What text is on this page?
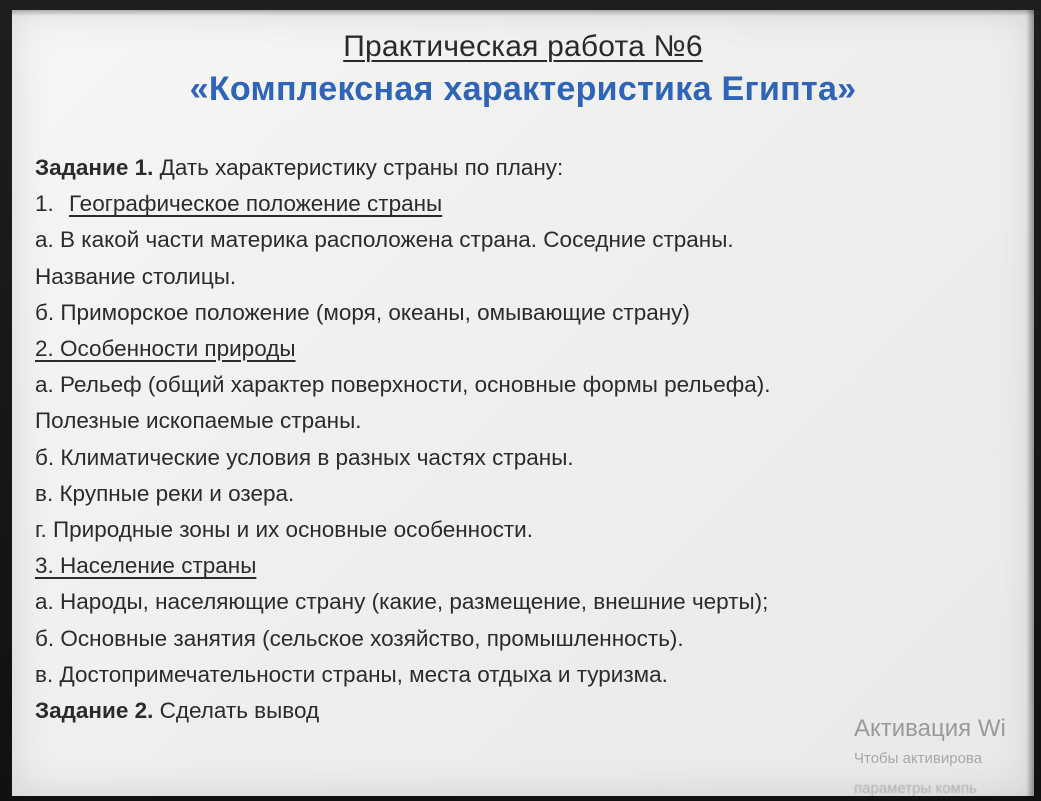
Практическая работа №6
«Комплексная характеристика Египта»
Задание 1. Дать характеристику страны по плану:
1. Географическое положение страны
а. В какой части материка расположена страна. Соседние страны.
Название столицы.
б. Приморское положение (моря, океаны, омывающие страну)
2. Особенности природы
а. Рельеф (общий характер поверхности, основные формы рельефа).
Полезные ископаемые страны.
б. Климатические условия в разных частях страны.
в. Крупные реки и озера.
г. Природные зоны и их основные особенности.
3. Население страны
а. Народы, населяющие страну (какие, размещение, внешние черты);
б. Основные занятия (сельское хозяйство, промышленность).
в. Достопримечательности страны, места отдыха и туризма.
Задание 2. Сделать вывод
Активация Wi
Чтобы активирова
параметры компь
